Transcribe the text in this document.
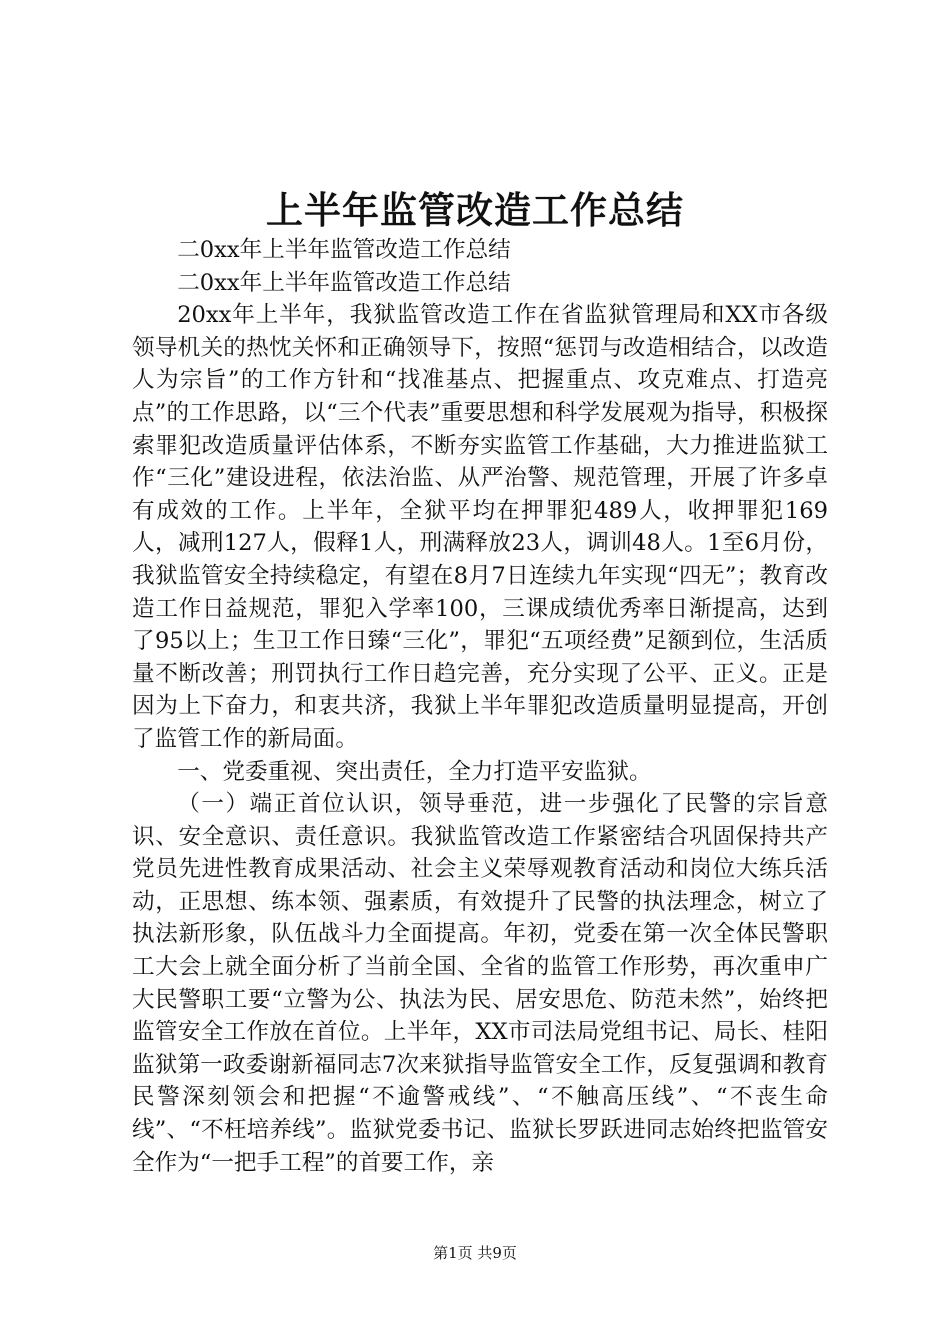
上半年监管改造工作总结

二0xx年上半年监管改造工作总结

二0xx年上半年监管改造工作总结

20xx年上半年，我狱监管改造工作在省监狱管理局和XX市各级领导机关的热忱关怀和正确领导下，按照“惩罚与改造相结合，以改造人为宗旨”的工作方针和“找准基点、把握重点、攻克难点、打造亮点”的工作思路，以“三个代表”重要思想和科学发展观为指导，积极探索罪犯改造质量评估体系，不断夯实监管工作基础，大力推进监狱工作“三化”建设进程，依法治监、从严治警、规范管理，开展了许多卓有成效的工作。上半年，全狱平均在押罪犯489人，收押罪犯169人，减刑127人，假释1人，刑满释放23人，调训48人。1至6月份，我狱监管安全持续稳定，有望在8月7日连续九年实现“四无”；教育改造工作日益规范，罪犯入学率100，三课成绩优秀率日渐提高，达到了95以上；生卫工作日臻“三化”，罪犯“五项经费”足额到位，生活质量不断改善；刑罚执行工作日趋完善，充分实现了公平、正义。正是因为上下奋力，和衷共济，我狱上半年罪犯改造质量明显提高，开创了监管工作的新局面。

一、党委重视、突出责任，全力打造平安监狱。

（一）端正首位认识，领导垂范，进一步强化了民警的宗旨意识、安全意识、责任意识。我狱监管改造工作紧密结合巩固保持共产党员先进性教育成果活动、社会主义荣辱观教育活动和岗位大练兵活动，正思想、练本领、强素质，有效提升了民警的执法理念，树立了执法新形象，队伍战斗力全面提高。年初，党委在第一次全体民警职工大会上就全面分析了当前全国、全省的监管工作形势，再次重申广大民警职工要“立警为公、执法为民、居安思危、防范未然”，始终把监管安全工作放在首位。上半年，XX市司法局党组书记、局长、桂阳监狱第一政委谢新福同志7次来狱指导监管安全工作，反复强调和教育民警深刻领会和把握“不逾警戒线”、“不触高压线”、“不丧生命线”、“不枉培养线”。监狱党委书记、监狱长罗跃进同志始终把监管安全作为“一把手工程”的首要工作，亲

第1页 共9页
